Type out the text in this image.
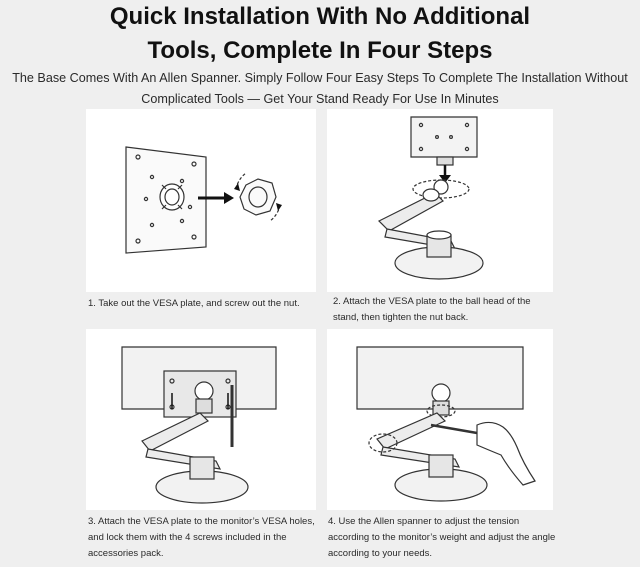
Quick Installation With No Additional
Tools, Complete In Four Steps
The Base Comes With An Allen Spanner. Simply Follow Four Easy Steps To Complete The Installation Without Complicated Tools — Get Your Stand Ready For Use In Minutes
1. Take out the VESA plate, and screw out the nut.	2. Attach the VESA plate to the ball head of the stand, then tighten the nut back.
3. Attach the VESA plate to the monitor’s VESA holes, and lock them with the 4 screws included in the accessories pack.
4. Use the Allen spanner to adjust the tension according to the monitor’s weight and adjust the angle according to your needs.
